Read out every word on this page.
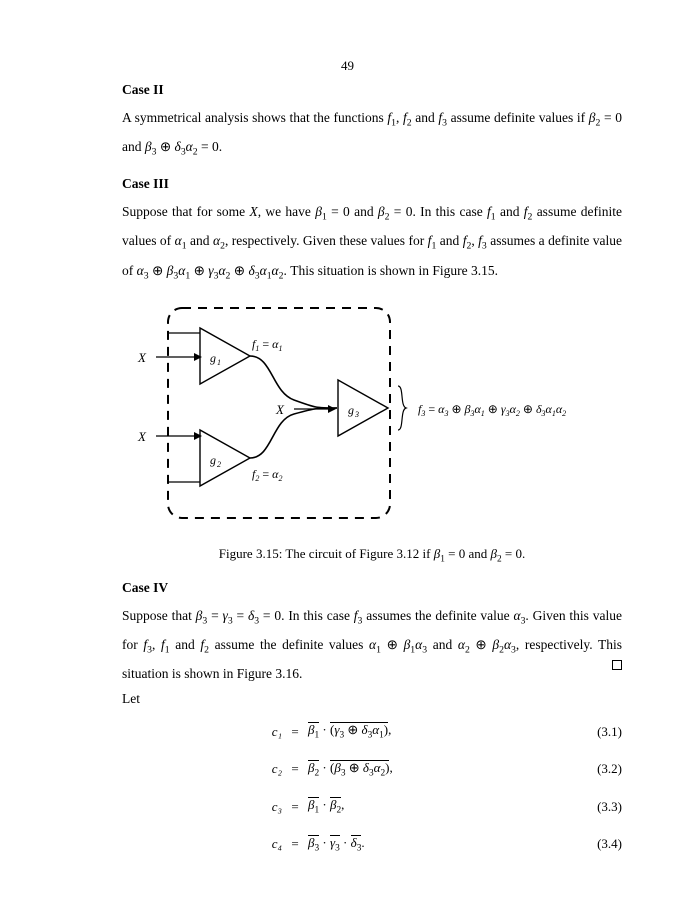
49
Case II
A symmetrical analysis shows that the functions $f_1$, $f_2$ and $f_3$ assume definite values if $\beta_2 = 0$ and $\beta_3$ ⊕ $\delta_3\alpha_2 = 0$.
Case III
Suppose that for some X, we have $\beta_1 = 0$ and $\beta_2 = 0$. In this case $f_1$ and $f_2$ assume definite values of $\alpha_1$ and $\alpha_2$, respectively. Given these values for $f_1$ and $f_2$, $f_3$ assumes a definite value of $\alpha_3$ ⊕ $\beta_3\alpha_1$ ⊕ $\gamma_3\alpha_2$ ⊕ $\delta_3\alpha_1\alpha_2$. This situation is shown in Figure 3.15.
g 1
X
$f_1 = \alpha_1$
g 2
X
$f_2 = \alpha_2$
g 3
X	$f_3 = \alpha_3$ ⊕ $\beta_3\alpha_1$ ⊕ $\gamma_3\alpha_2$ ⊕ $\delta_3\alpha_1\alpha_2$
Figure 3.15: The circuit of Figure 3.12 if $\beta_1 = 0$ and $\beta_2 = 0$.
Case IV
Suppose that $\beta_3 = \gamma_3 = \delta_3 = 0$. In this case $f_3$ assumes the definite value $\alpha_3$. Given this value for $f_3$, $f_1$ and $f_2$ assume the definite values $\alpha_1$ ⊕ $\beta_1\alpha_3$ and $\alpha_2$ ⊕ $\beta_2\alpha_3$, respectively. This situation is shown in Figure 3.16.
Let
c₁	=	$\beta_1 \cdot (\gamma_3$ ⊕ $\delta_3\alpha_1$),	(3.1)
c₂	=	$\beta_2 \cdot (\beta_3$ ⊕ $\delta_3\alpha_2$),	(3.2)
c₃	=	$\beta_1 \cdot \beta_2$,	(3.3)
c₄	=	$\beta_3 \cdot \gamma_3 \cdot \delta_3$.	(3.4)
